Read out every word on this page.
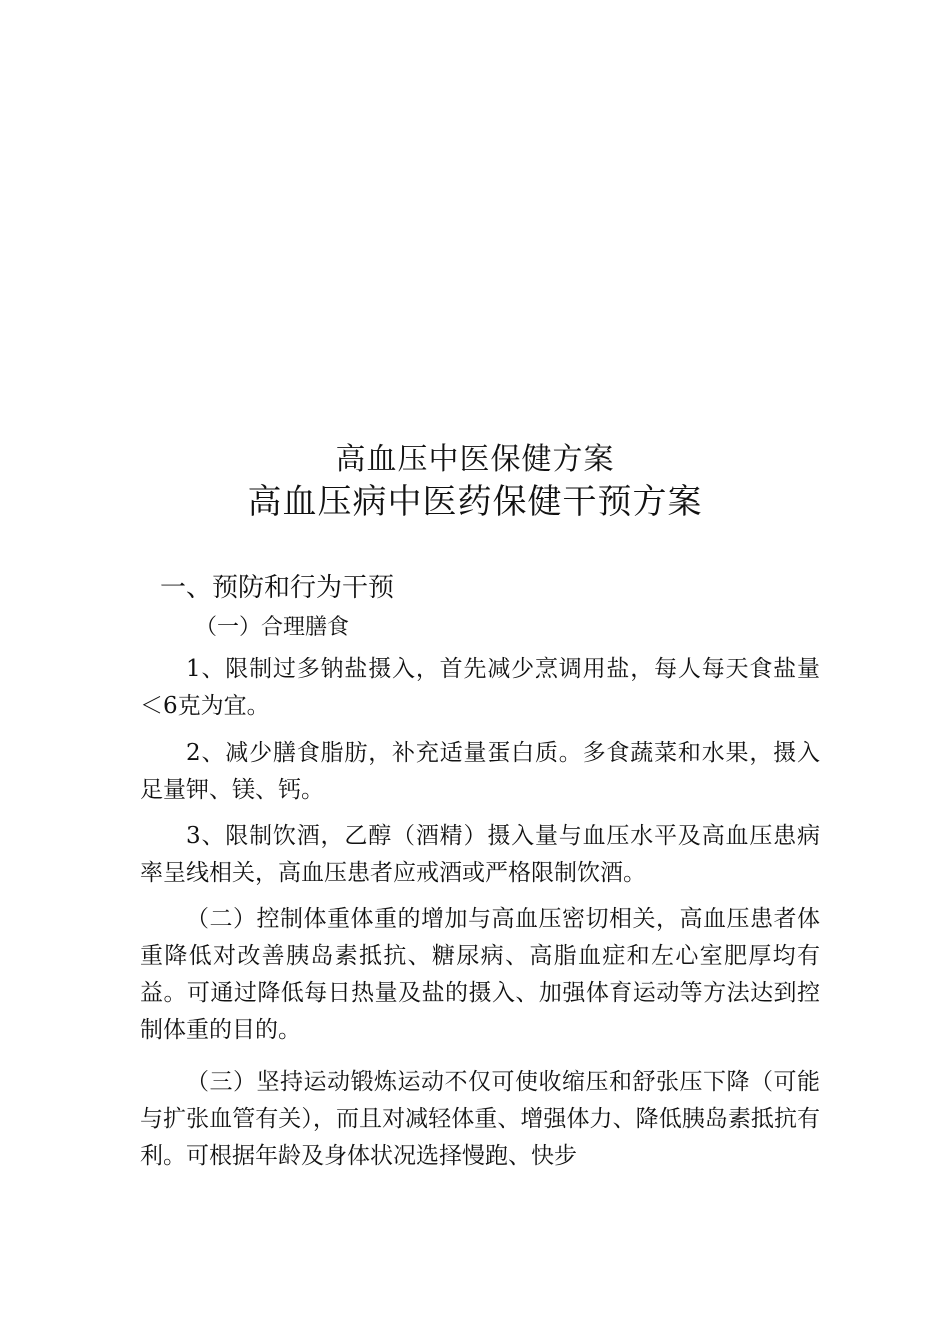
高血压中医保健方案
高血压病中医药保健干预方案
一、预防和行为干预
（一）合理膳食

1、限制过多钠盐摄入，首先减少烹调用盐，每人每天食盐量＜6克为宜。

2、减少膳食脂肪，补充适量蛋白质。多食蔬菜和水果，摄入足量钾、镁、钙。

3、限制饮酒，乙醇（酒精）摄入量与血压水平及高血压患病率呈线相关，高血压患者应戒酒或严格限制饮酒。

（二）控制体重体重的增加与高血压密切相关，高血压患者体重降低对改善胰岛素抵抗、糖尿病、高脂血症和左心室肥厚均有益。可通过降低每日热量及盐的摄入、加强体育运动等方法达到控制体重的目的。

（三）坚持运动锻炼运动不仅可使收缩压和舒张压下降（可能与扩张血管有关），而且对减轻体重、增强体力、降低胰岛素抵抗有利。可根据年龄及身体状况选择慢跑、快步
